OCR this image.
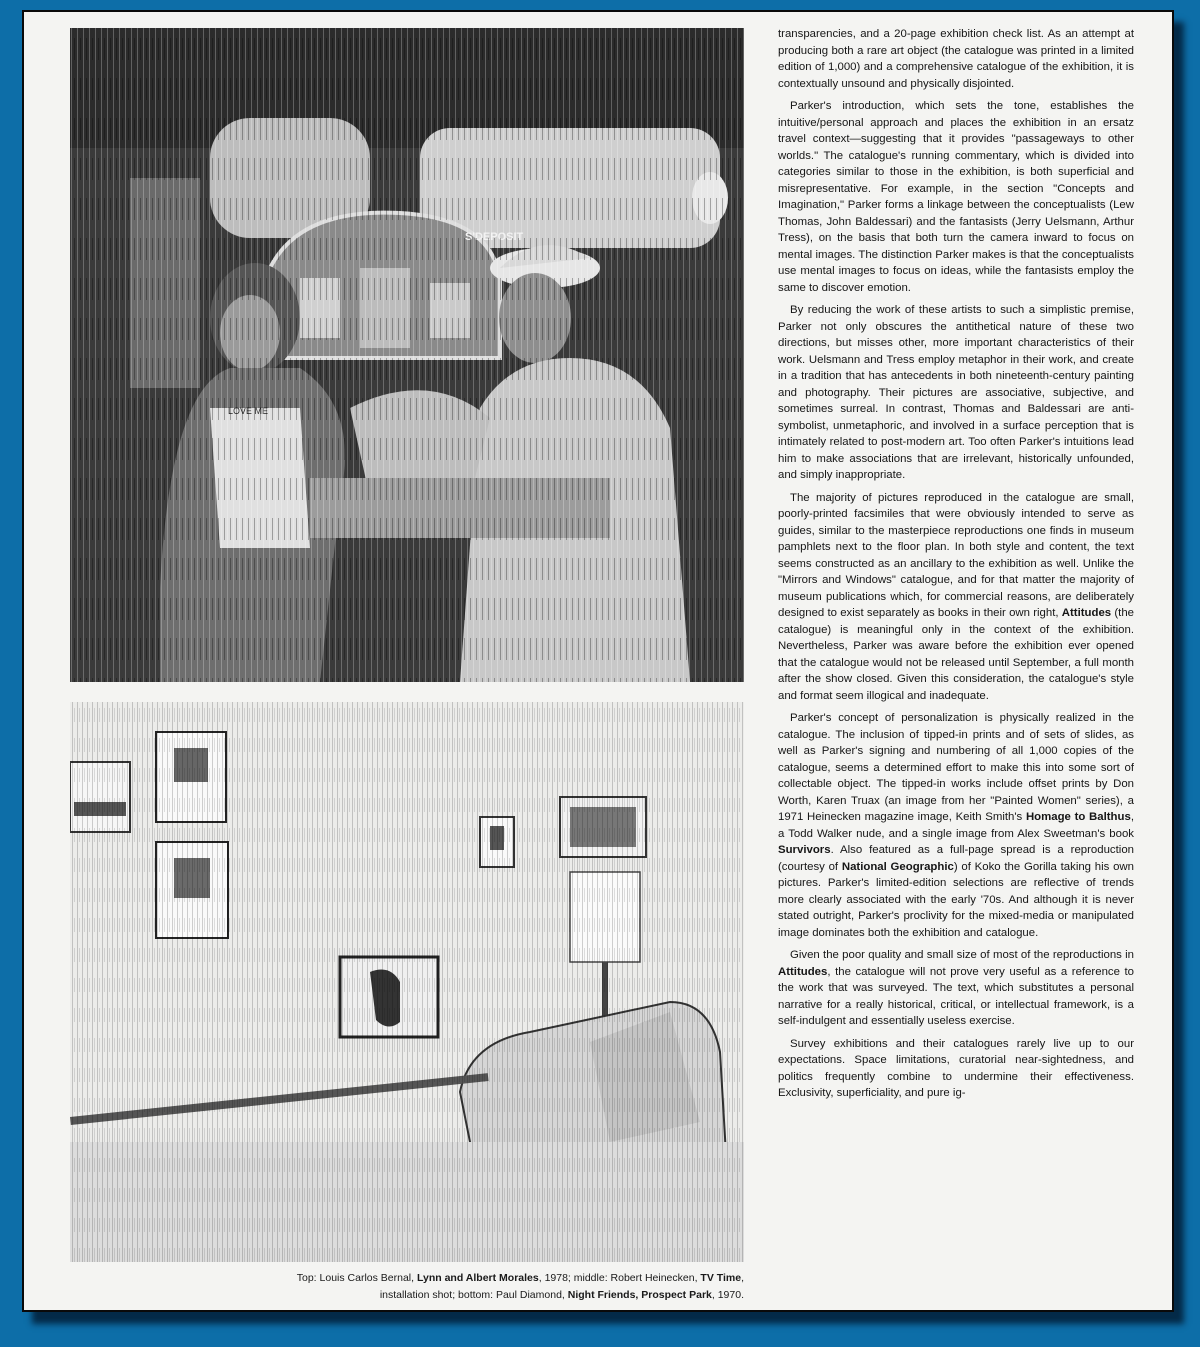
Top: Louis Carlos Bernal, Lynn and Albert Morales, 1978; middle: Robert Heinecken, TV Time,
installation shot; bottom: Paul Diamond, Night Friends, Prospect Park, 1970.

transparencies, and a 20-page exhibition check list. As an attempt at producing both a rare art object (the catalogue was printed in a limited edition of 1,000) and a comprehensive catalogue of the exhibition, it is contextually unsound and physically disjointed.

Parker's introduction, which sets the tone, establishes the intuitive/personal approach and places the exhibition in an ersatz travel context—suggesting that it provides "passageways to other worlds." The catalogue's running commentary, which is divided into categories similar to those in the exhibition, is both superficial and misrepresentative. For example, in the section "Concepts and Imagination," Parker forms a linkage between the conceptualists (Lew Thomas, John Baldessari) and the fantasists (Jerry Uelsmann, Arthur Tress), on the basis that both turn the camera inward to focus on mental images. The distinction Parker makes is that the conceptualists use mental images to focus on ideas, while the fantasists employ the same to discover emotion.

By reducing the work of these artists to such a simplistic premise, Parker not only obscures the antithetical nature of these two directions, but misses other, more important characteristics of their work. Uelsmann and Tress employ metaphor in their work, and create in a tradition that has antecedents in both nineteenth-century painting and photography. Their pictures are associative, subjective, and sometimes surreal. In contrast, Thomas and Baldessari are anti-symbolist, unmetaphoric, and involved in a surface perception that is intimately related to post-modern art. Too often Parker's intuitions lead him to make associations that are irrelevant, historically unfounded, and simply inappropriate.

The majority of pictures reproduced in the catalogue are small, poorly-printed facsimiles that were obviously intended to serve as guides, similar to the masterpiece reproductions one finds in museum pamphlets next to the floor plan. In both style and content, the text seems constructed as an ancillary to the exhibition as well. Unlike the "Mirrors and Windows" catalogue, and for that matter the majority of museum publications which, for commercial reasons, are deliberately designed to exist separately as books in their own right, Attitudes (the catalogue) is meaningful only in the context of the exhibition. Nevertheless, Parker was aware before the exhibition ever opened that the catalogue would not be released until September, a full month after the show closed. Given this consideration, the catalogue's style and format seem illogical and inadequate.

Parker's concept of personalization is physically realized in the catalogue. The inclusion of tipped-in prints and of sets of slides, as well as Parker's signing and numbering of all 1,000 copies of the catalogue, seems a determined effort to make this into some sort of collectable object. The tipped-in works include offset prints by Don Worth, Karen Truax (an image from her "Painted Women" series), a 1971 Heinecken magazine image, Keith Smith's Homage to Balthus, a Todd Walker nude, and a single image from Alex Sweetman's book Survivors. Also featured as a full-page spread is a reproduction (courtesy of National Geographic) of Koko the Gorilla taking his own pictures. Parker's limited-edition selections are reflective of trends more clearly associated with the early '70s. And although it is never stated outright, Parker's proclivity for the mixed-media or manipulated image dominates both the exhibition and catalogue.

Given the poor quality and small size of most of the reproductions in Attitudes, the catalogue will not prove very useful as a reference to the work that was surveyed. The text, which substitutes a personal narrative for a really historical, critical, or intellectual framework, is a self-indulgent and essentially useless exercise.

Survey exhibitions and their catalogues rarely live up to our expectations. Space limitations, curatorial near-sightedness, and politics frequently combine to undermine their effectiveness. Exclusivity, superficiality, and pure ig-
